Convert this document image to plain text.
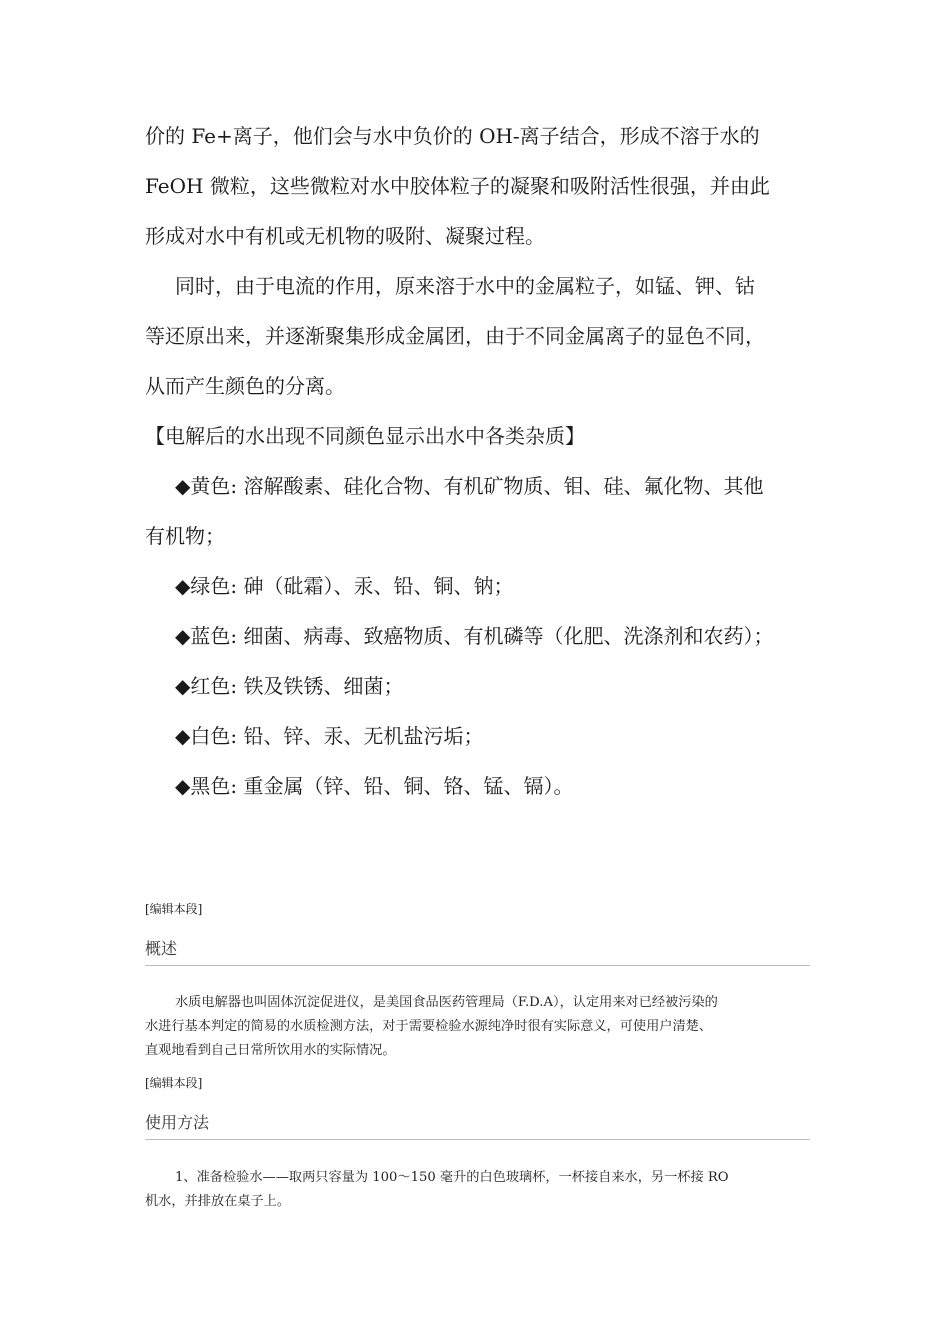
价的 Fe+离子，他们会与水中负价的 OH-离子结合，形成不溶于水的
FeOH 微粒，这些微粒对水中胶体粒子的凝聚和吸附活性很强，并由此
形成对水中有机或无机物的吸附、凝聚过程。
同时，由于电流的作用，原来溶于水中的金属粒子，如锰、钾、钴
等还原出来，并逐渐聚集形成金属团，由于不同金属离子的显色不同，
从而产生颜色的分离。
【电解后的水出现不同颜色显示出水中各类杂质】
◆黄色: 溶解酸素、硅化合物、有机矿物质、钼、硅、氟化物、其他
有机物；
◆绿色: 砷（砒霜）、汞、铅、铜、钠；
◆蓝色: 细菌、病毒、致癌物质、有机磷等（化肥、洗涤剂和农药）；
◆红色: 铁及铁锈、细菌；
◆白色: 铅、锌、汞、无机盐污垢；
◆黑色: 重金属（锌、铅、铜、铬、锰、镉）。
[编辑本段]
概述
水质电解器也叫固体沉淀促进仪，是美国食品医药管理局（F.D.A），认定用来对已经被污染的
水进行基本判定的简易的水质检测方法，对于需要检验水源纯净时很有实际意义，可使用户清楚、
直观地看到自己日常所饮用水的实际情况。
[编辑本段]
使用方法
1、准备检验水——取两只容量为 100～150 毫升的白色玻璃杯，一杯接自来水，另一杯接 RO
机水，并排放在桌子上。
